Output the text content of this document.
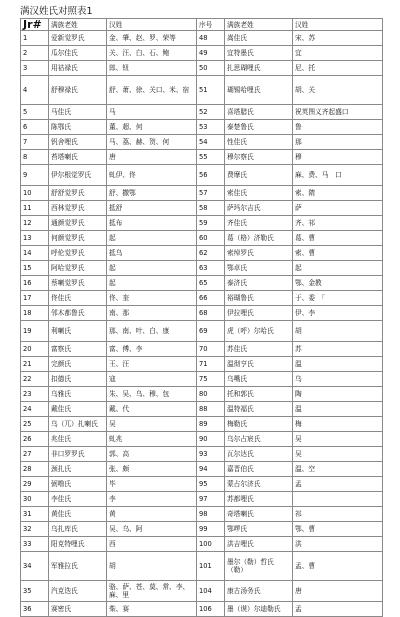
满汉姓氏对照表1
Jr#	满族老姓	汉姓	序号	满族老姓	汉姓
1	爱新觉罗氏	金、肇、赵、罗、荣等	48	嵩佳氏	宋、苏
2	瓜尔佳氏	关、汪、白、石、鲍	49	宜特墨氏	宜
3	用祜禄氏	郎、钮	50	扎思瑚哩氏	尼、托
4	舒穆禄氏	舒、萧、徐、关口、米、宿	51	瑚锡哈哩氏	胡、关
5	马佳氏	马	52	喜塔腊氏	祝英图义齐起盛口
6	陈鄂氏	董、超、何	53	泰楚鲁氏	鲁
7	钒舍哩氏	马、荔、赫、贺、何	54	性佳氏	那
8	苔塔喇氏	唐	55	穆尔察氏	穆
9	伊尔根觉罗氏	虬伊、佟	56	费摩氏	麻、费、马　口
10	舒舒觉罗氏	舒、撒鄂	57	索佳氏	索、隋
11	西林觉罗氏	抵舒	58	萨玛尔吉氏	萨
12	通颜觉罗氏	抵布	59	齐佳氏	齐、祁
13	何颜觉罗氏	起	60	葛（格）济勒氏	葛、曹
14	呼伦觉罗氏	抵乌	62	索绰罗氏	索、曹
15	阿哈觉罗氏	起	63	鄂卓氏	起
16	蔡喇觉罗氏	起	65	泰济氏	鄂、金教
17	佟佳氏	佟、奎	66	裕瑚鲁氏	于、委　「
18	邻木都鲁氏	南、那	68	伊拉哩氏	伊、李
19	利喇氏	那、南、叶、白、康	69	虎（呼）尔哈氏	胡
20	富察氏	富、傅、李	70	苏佳氏	苏
21	完颜氏	王、汪	71	温彻亨氏	温
22	扣德氏	寇	75	乌嘴氏	乌
23	乌雅氏	朱、吴、乌、穆、包	80	托和郭氏	陶
24	戴佳氏	戴、代	88	温特福氏	温
25	乌（兀）扎喇氏	吴	89	梅勒氏	梅
26	兆佳氏	虬兆	90	乌尔占宸氏	吴
27	非口罗罗氏	郭、高	93	瓦尔达氏	吴
28	颈扎氏	张、颇	94	嘉晋伯氏	温、空
29	弼噜氏	毕	95	蒙占尔济氏	孟
30	李佳氏	李	97	苏都哩氏	
31	黄佳氏	黄	98	奇塔喇氏	祁
32	乌扎库氏	吴、乌、阿	99	鄂啰氏	鄂、曹
33	阳克特哩氏	西	100	洪吉哩氏	洪
34	军雅拉氏	胡	101	墨尔（勒）哲氏（勒）	孟、曹
35	汽克迭氏	骆、萨、苍、莫、常、李、麻、里	104	康古汤务氏	唐
36	赛密氏	柴、赛	106	墨（谟）尔迪勒氏	孟
